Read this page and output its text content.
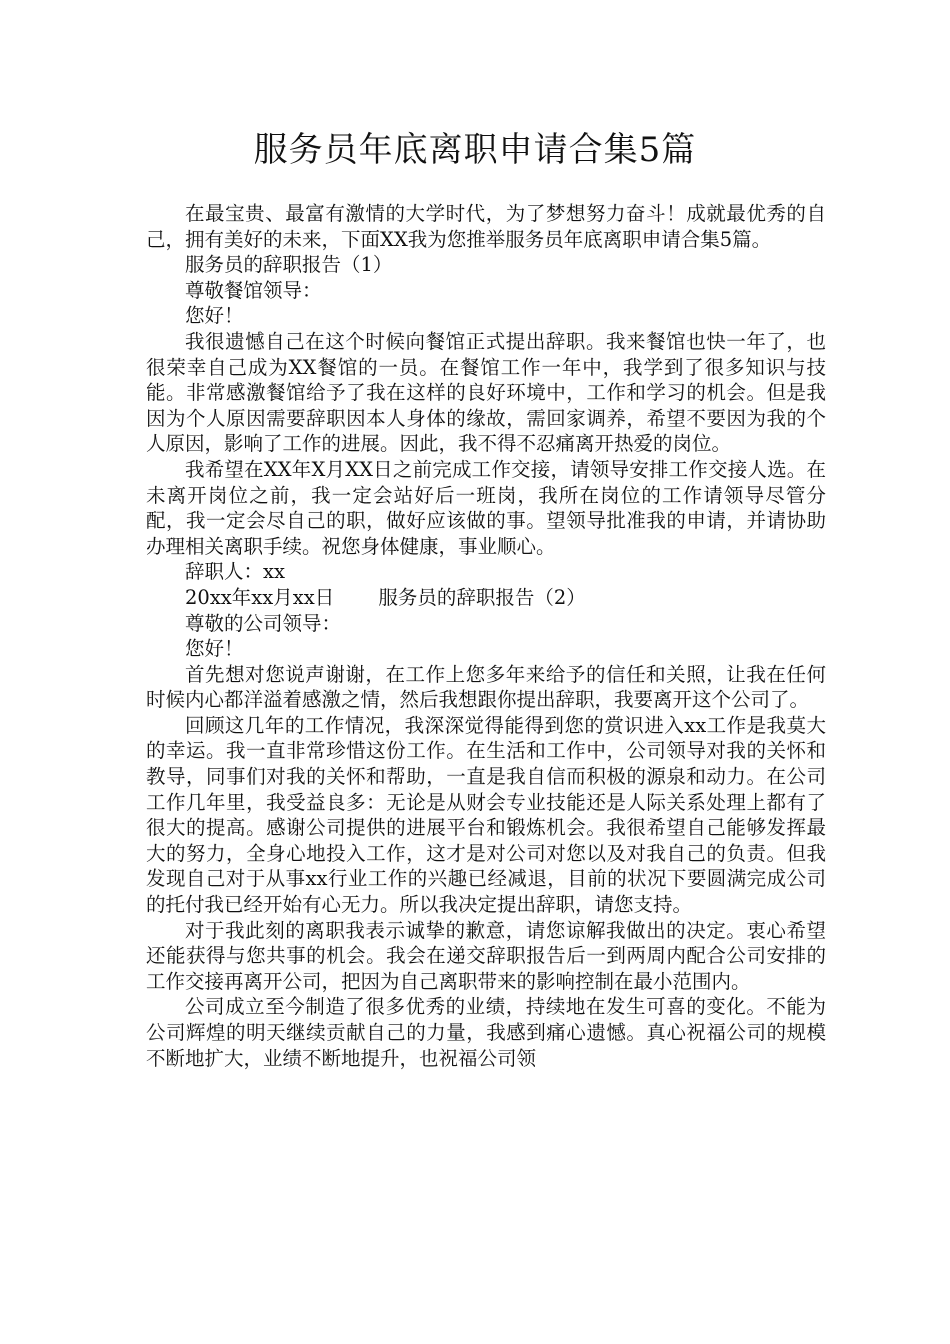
服务员年底离职申请合集5篇

在最宝贵、最富有激情的大学时代，为了梦想努力奋斗！成就最优秀的自己，拥有美好的未来，下面XX我为您推举服务员年底离职申请合集5篇。

服务员的辞职报告（1）

尊敬餐馆领导：

您好！

我很遗憾自己在这个时候向餐馆正式提出辞职。我来餐馆也快一年了，也很荣幸自己成为XX餐馆的一员。在餐馆工作一年中，我学到了很多知识与技能。非常感激餐馆给予了我在这样的良好环境中，工作和学习的机会。但是我因为个人原因需要辞职因本人身体的缘故，需回家调养，希望不要因为我的个人原因，影响了工作的进展。因此，我不得不忍痛离开热爱的岗位。

我希望在XX年X月XX日之前完成工作交接，请领导安排工作交接人选。在未离开岗位之前，我一定会站好后一班岗，我所在岗位的工作请领导尽管分配，我一定会尽自己的职，做好应该做的事。望领导批准我的申请，并请协助办理相关离职手续。祝您身体健康，事业顺心。

辞职人：xx

20xx年xx月xx日 服务员的辞职报告（2）

尊敬的公司领导：

您好！

首先想对您说声谢谢，在工作上您多年来给予的信任和关照，让我在任何时候内心都洋溢着感激之情，然后我想跟你提出辞职，我要离开这个公司了。

回顾这几年的工作情况，我深深觉得能得到您的赏识进入xx工作是我莫大的幸运。我一直非常珍惜这份工作。在生活和工作中，公司领导对我的关怀和教导，同事们对我的关怀和帮助，一直是我自信而积极的源泉和动力。在公司工作几年里，我受益良多：无论是从财会专业技能还是人际关系处理上都有了很大的提高。感谢公司提供的进展平台和锻炼机会。我很希望自己能够发挥最大的努力，全身心地投入工作，这才是对公司对您以及对我自己的负责。但我发现自己对于从事xx行业工作的兴趣已经减退，目前的状况下要圆满完成公司的托付我已经开始有心无力。所以我决定提出辞职，请您支持。

对于我此刻的离职我表示诚挚的歉意，请您谅解我做出的决定。衷心希望还能获得与您共事的机会。我会在递交辞职报告后一到两周内配合公司安排的工作交接再离开公司，把因为自己离职带来的影响控制在最小范围内。

公司成立至今制造了很多优秀的业绩，持续地在发生可喜的变化。不能为公司辉煌的明天继续贡献自己的力量，我感到痛心遗憾。真心祝福公司的规模不断地扩大，业绩不断地提升，也祝福公司领
